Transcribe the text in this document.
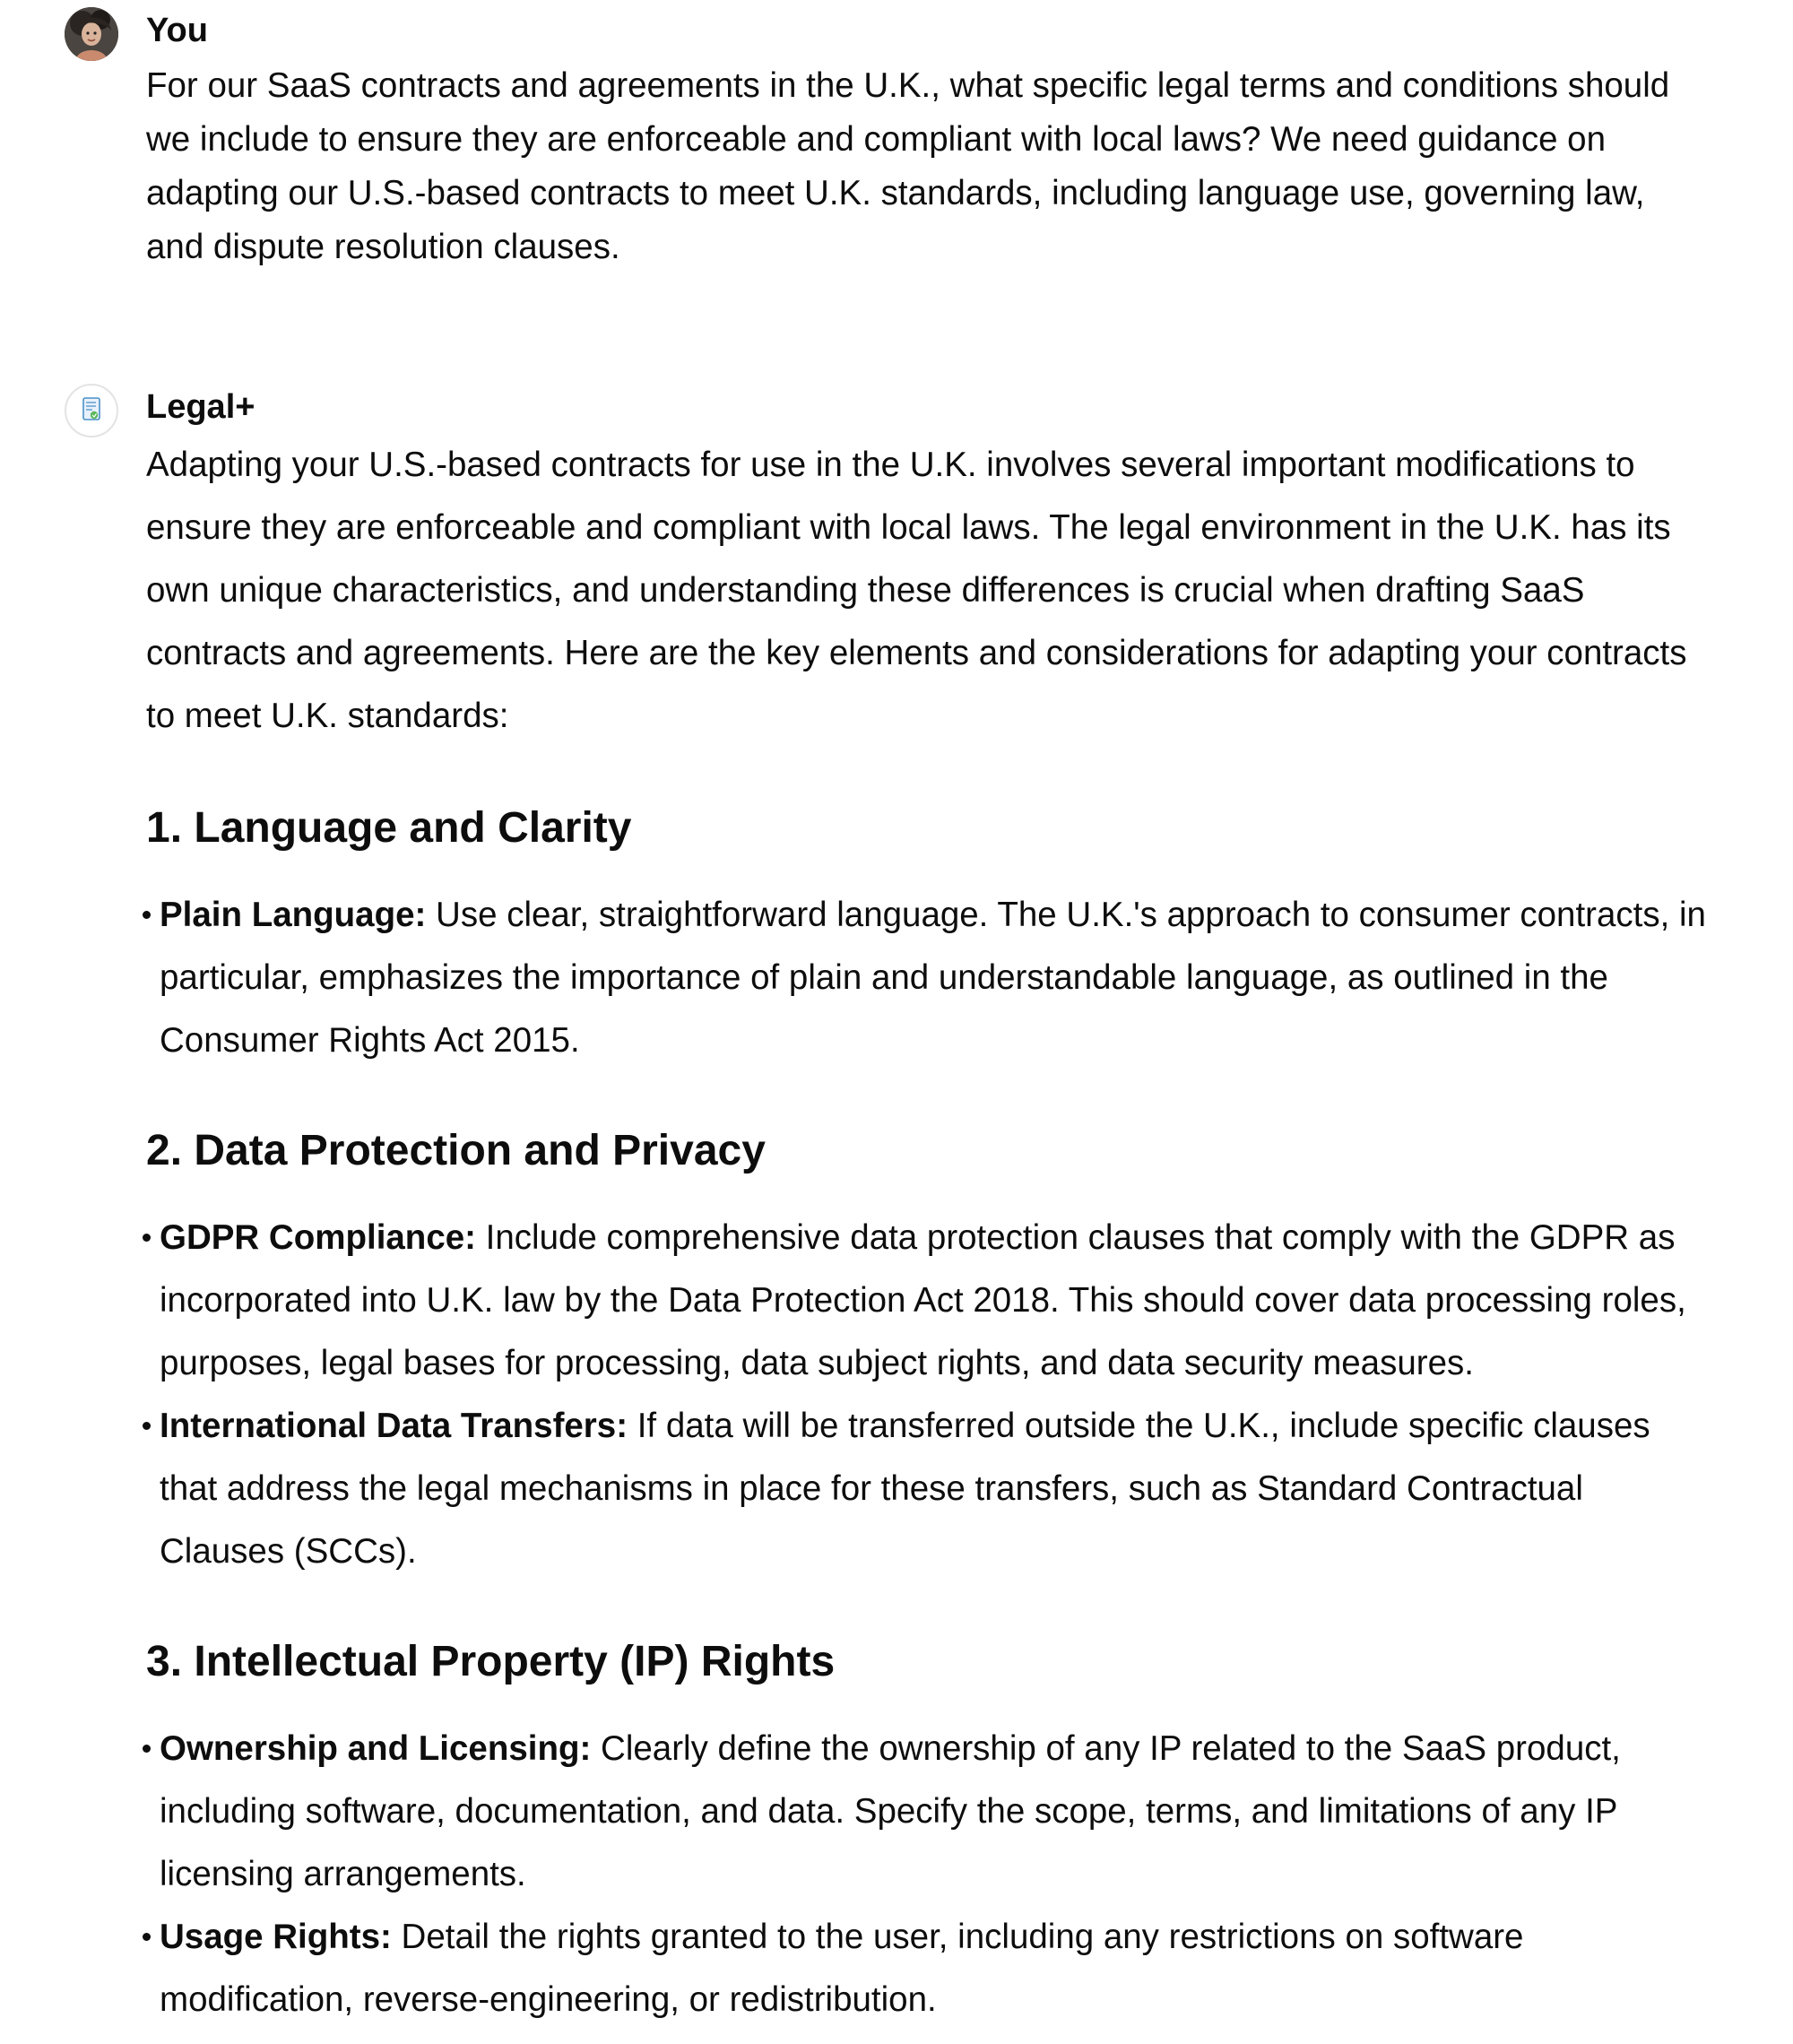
You

For our SaaS contracts and agreements in the U.K., what specific legal terms and conditions should we include to ensure they are enforceable and compliant with local laws? We need guidance on adapting our U.S.-based contracts to meet U.K. standards, including language use, governing law, and dispute resolution clauses.

Legal+

Adapting your U.S.-based contracts for use in the U.K. involves several important modifications to ensure they are enforceable and compliant with local laws. The legal environment in the U.K. has its own unique characteristics, and understanding these differences is crucial when drafting SaaS contracts and agreements. Here are the key elements and considerations for adapting your contracts to meet U.K. standards:

1. Language and Clarity
Plain Language: Use clear, straightforward language. The U.K.'s approach to consumer contracts, in particular, emphasizes the importance of plain and understandable language, as outlined in the Consumer Rights Act 2015.
2. Data Protection and Privacy
GDPR Compliance: Include comprehensive data protection clauses that comply with the GDPR as incorporated into U.K. law by the Data Protection Act 2018. This should cover data processing roles, purposes, legal bases for processing, data subject rights, and data security measures.
International Data Transfers: If data will be transferred outside the U.K., include specific clauses that address the legal mechanisms in place for these transfers, such as Standard Contractual Clauses (SCCs).
3. Intellectual Property (IP) Rights
Ownership and Licensing: Clearly define the ownership of any IP related to the SaaS product, including software, documentation, and data. Specify the scope, terms, and limitations of any IP licensing arrangements.
Usage Rights: Detail the rights granted to the user, including any restrictions on software modification, reverse-engineering, or redistribution.
